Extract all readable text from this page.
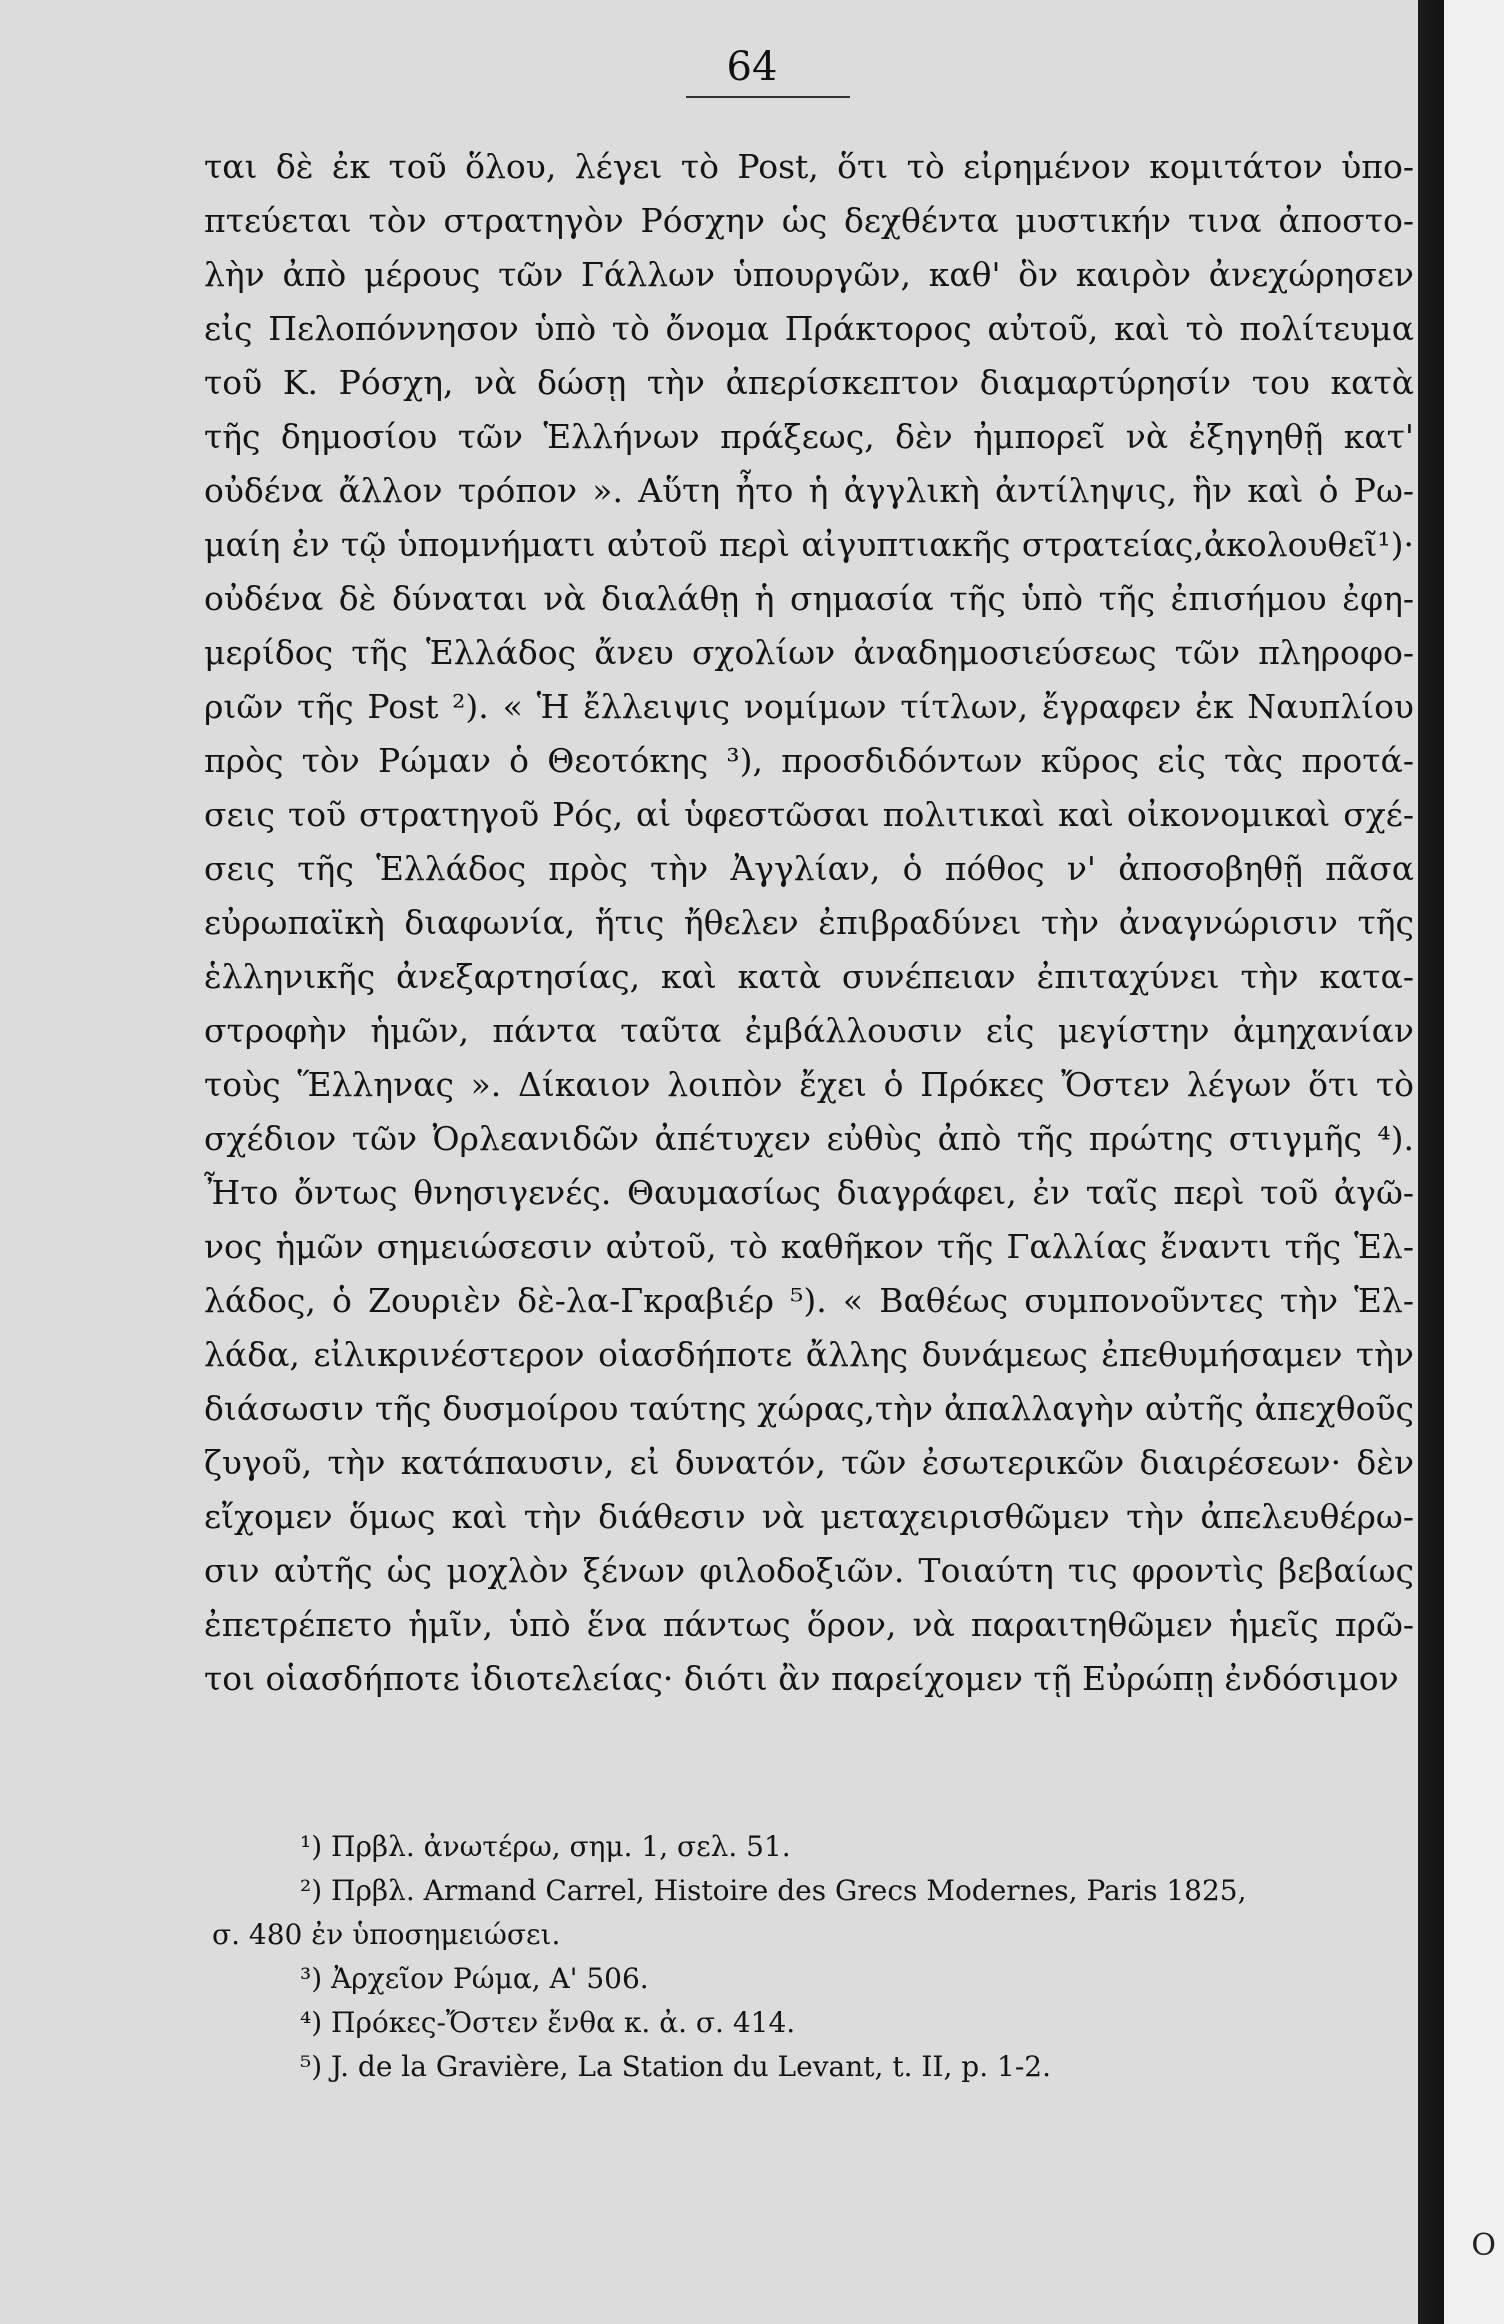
O
64
ται δὲ ἐκ τοῦ ὅλου, λέγει τὸ Post, ὅτι τὸ εἰρημένον κομιτάτον ὑπο-
πτεύεται τὸν στρατηγὸν Ρόσχην ὡς δεχθέντα μυστικήν τινα ἀποστο-
λὴν ἀπὸ μέρους τῶν Γάλλων ὑπουργῶν, καθ' ὃν καιρὸν ἀνεχώρησεν
εἰς Πελοπόννησον ὑπὸ τὸ ὄνομα Πράκτορος αὐτοῦ, καὶ τὸ πολίτευμα
τοῦ Κ. Ρόσχη, νὰ δώσῃ τὴν ἀπερίσκεπτον διαμαρτύρησίν του κατὰ
τῆς δημοσίου τῶν Ἑλλήνων πράξεως, δὲν ἠμπορεῖ νὰ ἐξηγηθῇ κατ'
οὐδένα ἄλλον τρόπον ». Αὕτη ἦτο ἡ ἀγγλικὴ ἀντίληψις, ἣν καὶ ὁ Ρω-
μαίη ἐν τῷ ὑπομνήματι αὐτοῦ περὶ αἰγυπτιακῆς στρατείας,ἀκολουθεῖ¹)·
οὐδένα δὲ δύναται νὰ διαλάθῃ ἡ σημασία τῆς ὑπὸ τῆς ἐπισήμου ἐφη-
μερίδος τῆς Ἑλλάδος ἄνευ σχολίων ἀναδημοσιεύσεως τῶν πληροφο-
ριῶν τῆς Post ²). « Ἡ ἔλλειψις νομίμων τίτλων, ἔγραφεν ἐκ Ναυπλίου
πρὸς τὸν Ρώμαν ὁ Θεοτόκης ³), προσδιδόντων κῦρος εἰς τὰς προτά-
σεις τοῦ στρατηγοῦ Ρός, αἱ ὑφεστῶσαι πολιτικαὶ καὶ οἰκονομικαὶ σχέ-
σεις τῆς Ἑλλάδος πρὸς τὴν Ἀγγλίαν, ὁ πόθος ν' ἀποσοβηθῇ πᾶσα
εὐρωπαϊκὴ διαφωνία, ἥτις ἤθελεν ἐπιβραδύνει τὴν ἀναγνώρισιν τῆς
ἑλληνικῆς ἀνεξαρτησίας, καὶ κατὰ συνέπειαν ἐπιταχύνει τὴν κατα-
στροφὴν ἡμῶν, πάντα ταῦτα ἐμβάλλουσιν εἰς μεγίστην ἀμηχανίαν
τοὺς Ἕλληνας ». Δίκαιον λοιπὸν ἔχει ὁ Πρόκες Ὄστεν λέγων ὅτι τὸ
σχέδιον τῶν Ὀρλεανιδῶν ἀπέτυχεν εὐθὺς ἀπὸ τῆς πρώτης στιγμῆς ⁴).
Ἦτο ὄντως θνησιγενές. Θαυμασίως διαγράφει, ἐν ταῖς περὶ τοῦ ἀγῶ-
νος ἡμῶν σημειώσεσιν αὐτοῦ, τὸ καθῆκον τῆς Γαλλίας ἔναντι τῆς Ἑλ-
λάδος, ὁ Ζουριὲν δὲ-λα-Γκραβιέρ ⁵). « Βαθέως συμπονοῦντες τὴν Ἑλ-
λάδα, εἰλικρινέστερον οἱασδήποτε ἄλλης δυνάμεως ἐπεθυμήσαμεν τὴν
διάσωσιν τῆς δυσμοίρου ταύτης χώρας,τὴν ἀπαλλαγὴν αὐτῆς ἀπεχθοῦς
ζυγοῦ, τὴν κατάπαυσιν, εἰ δυνατόν, τῶν ἐσωτερικῶν διαιρέσεων· δὲν
εἴχομεν ὅμως καὶ τὴν διάθεσιν νὰ μεταχειρισθῶμεν τὴν ἀπελευθέρω-
σιν αὐτῆς ὡς μοχλὸν ξένων φιλοδοξιῶν. Τοιαύτη τις φροντὶς βεβαίως
ἐπετρέπετο ἡμῖν, ὑπὸ ἕνα πάντως ὅρον, νὰ παραιτηθῶμεν ἡμεῖς πρῶ-
τοι οἱασδήποτε ἰδιοτελείας· διότι ἂν παρείχομεν τῇ Εὐρώπῃ ἐνδόσιμον
¹) Πρβλ. ἀνωτέρω, σημ. 1, σελ. 51.
²) Πρβλ. Armand Carrel, Histoire des Grecs Modernes, Paris 1825,
σ. 480 ἐν ὑποσημειώσει.
³) Ἀρχεῖον Ρώμα, Α' 506.
⁴) Πρόκες-Ὄστεν ἔνθα κ. ἀ. σ. 414.
⁵) J. de la Gravière, La Station du Levant, t. II, p. 1-2.
